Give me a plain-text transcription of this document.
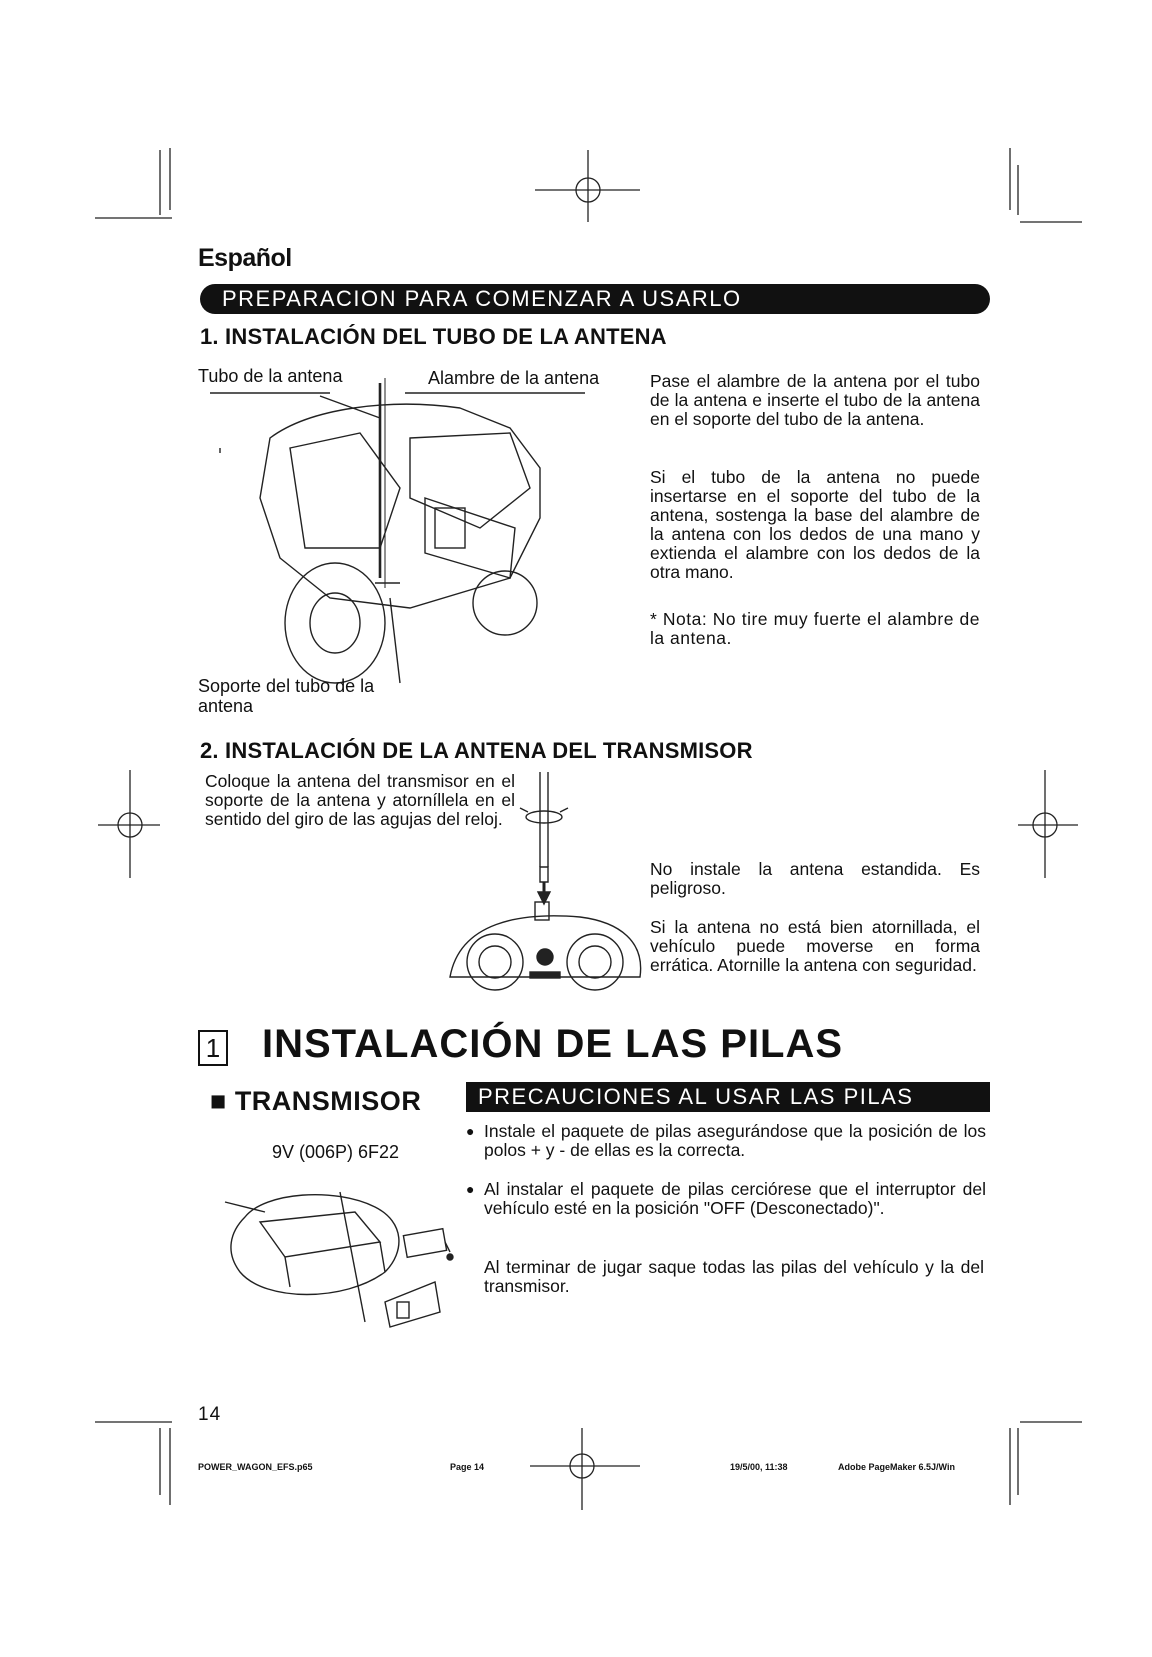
Español
PREPARACION PARA COMENZAR A USARLO
1. INSTALACIÓN DEL TUBO DE LA ANTENA
Tubo de la antena	Alambre de la antena
Soporte del tubo de la antena
Pase el alambre de la antena por el tubo de la antena e inserte el tubo de la antena en el soporte del tubo de la antena.
Si el tubo de la antena no puede insertarse en el soporte del tubo de la antena, sostenga la base del alambre de la antena con los dedos de una mano y extienda el alambre con los dedos de la otra mano.
* Nota: No tire muy fuerte el alambre de la antena.
2. INSTALACIÓN DE LA ANTENA DEL TRANSMISOR
Coloque la antena del transmisor en el soporte de la antena y atorníllela en el sentido del giro de las agujas del reloj.
No instale la antena estandida. Es peligroso.
Si la antena no está bien atornillada, el vehículo puede moverse en forma errática. Atornille la antena con seguridad.
1 INSTALACIÓN DE LAS PILAS
■ TRANSMISOR	PRECAUCIONES AL USAR LAS PILAS
9V (006P) 6F22
● Instale el paquete de pilas asegurándose que la posición de los polos + y - de ellas es la correcta.
● Al instalar el paquete de pilas cerciórese que el interruptor del vehículo esté en la posición "OFF (Desconectado)".
Al terminar de jugar saque todas las pilas del vehículo y la del transmisor.
14
POWER_WAGON_EFS.p65	Page 14	19/5/00, 11:38	Adobe PageMaker 6.5J/Win
